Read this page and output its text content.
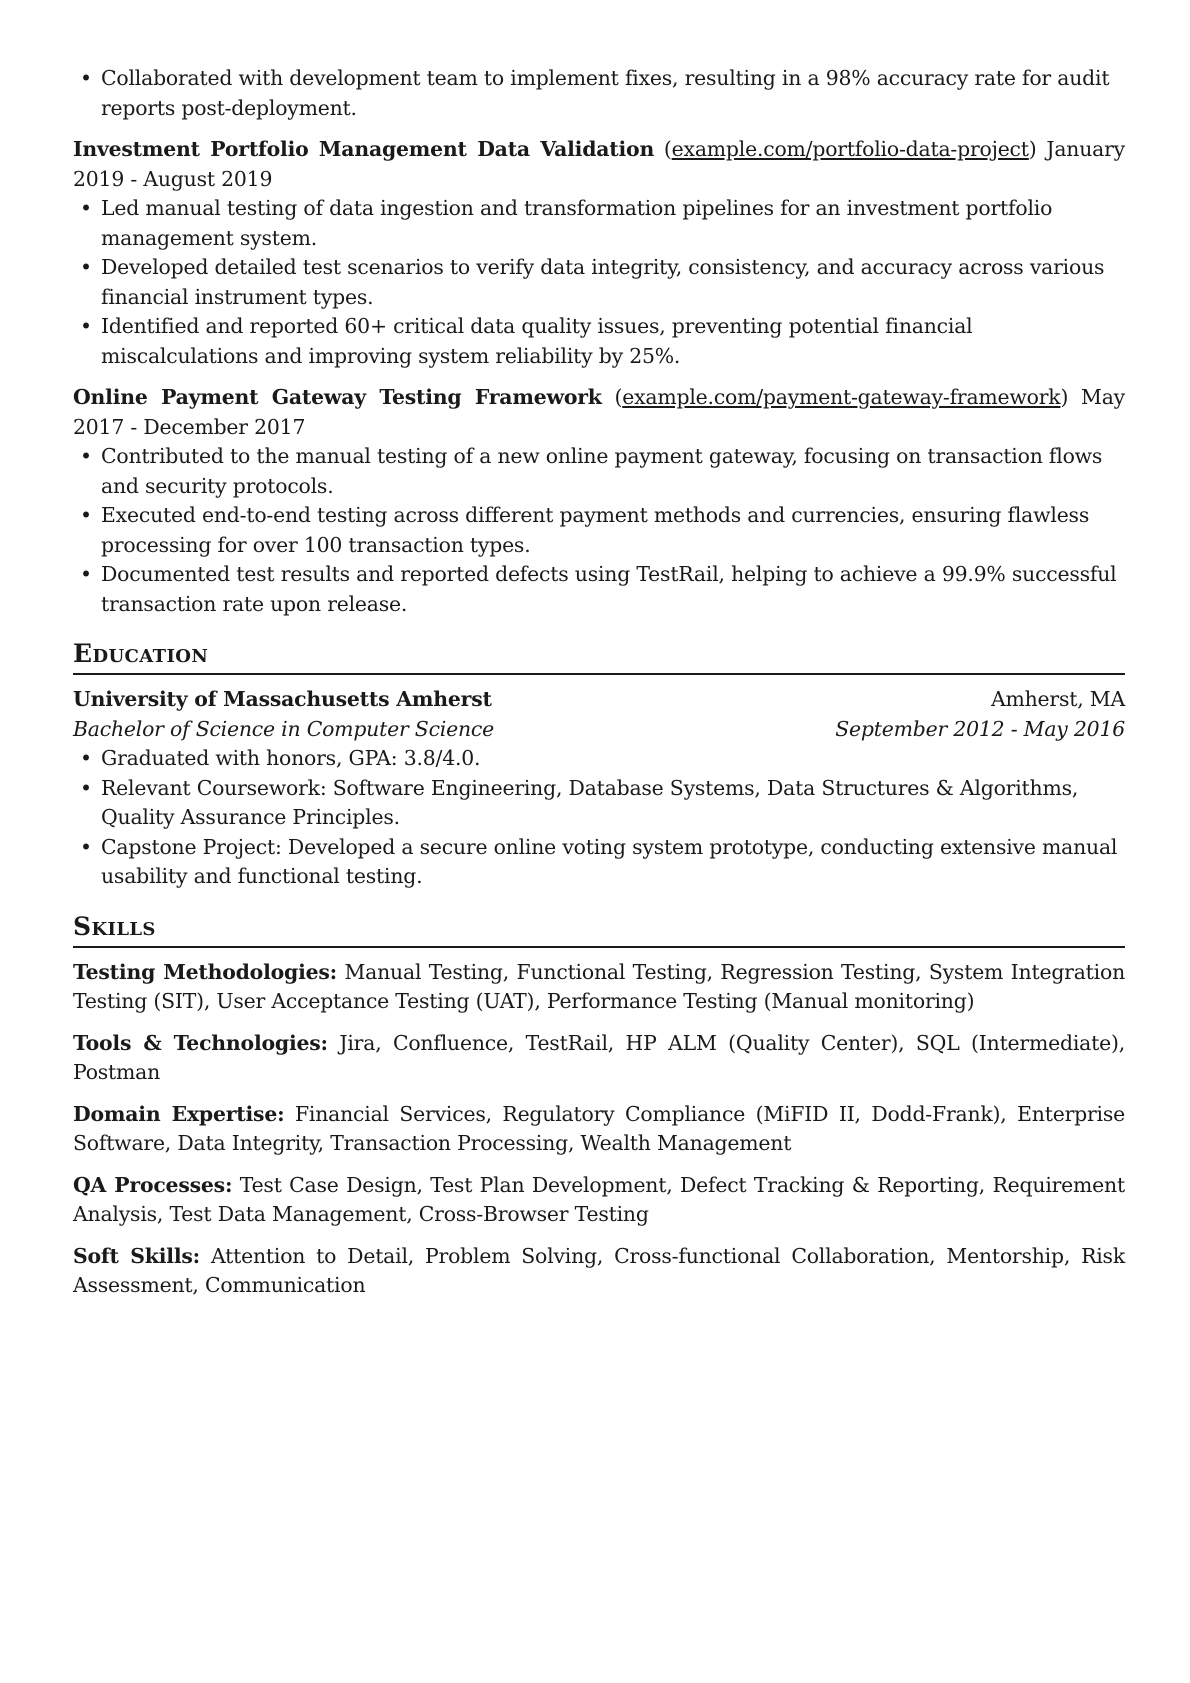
• Collaborated with development team to implement fixes, resulting in a 98% accuracy rate for audit reports post-deployment.
Investment Portfolio Management Data Validation (example.com/portfolio-data-project) January 2019 - August 2019
• Led manual testing of data ingestion and transformation pipelines for an investment portfolio management system.
• Developed detailed test scenarios to verify data integrity, consistency, and accuracy across various financial instrument types.
• Identified and reported 60+ critical data quality issues, preventing potential financial miscalculations and improving system reliability by 25%.
Online Payment Gateway Testing Framework (example.com/payment-gateway-framework) May 2017 - December 2017
• Contributed to the manual testing of a new online payment gateway, focusing on transaction flows and security protocols.
• Executed end-to-end testing across different payment methods and currencies, ensuring flawless processing for over 100 transaction types.
• Documented test results and reported defects using TestRail, helping to achieve a 99.9% successful transaction rate upon release.
Education
University of Massachusetts Amherst	Amherst, MA
Bachelor of Science in Computer Science	September 2012 - May 2016
• Graduated with honors, GPA: 3.8/4.0.
• Relevant Coursework: Software Engineering, Database Systems, Data Structures & Algorithms, Quality Assurance Principles.
• Capstone Project: Developed a secure online voting system prototype, conducting extensive manual usability and functional testing.
Skills
Testing Methodologies: Manual Testing, Functional Testing, Regression Testing, System Integration Testing (SIT), User Acceptance Testing (UAT), Performance Testing (Manual monitoring)
Tools & Technologies: Jira, Confluence, TestRail, HP ALM (Quality Center), SQL (Intermediate), Postman
Domain Expertise: Financial Services, Regulatory Compliance (MiFID II, Dodd-Frank), Enterprise Software, Data Integrity, Transaction Processing, Wealth Management
QA Processes: Test Case Design, Test Plan Development, Defect Tracking & Reporting, Requirement Analysis, Test Data Management, Cross-Browser Testing
Soft Skills: Attention to Detail, Problem Solving, Cross-functional Collaboration, Mentorship, Risk Assessment, Communication
